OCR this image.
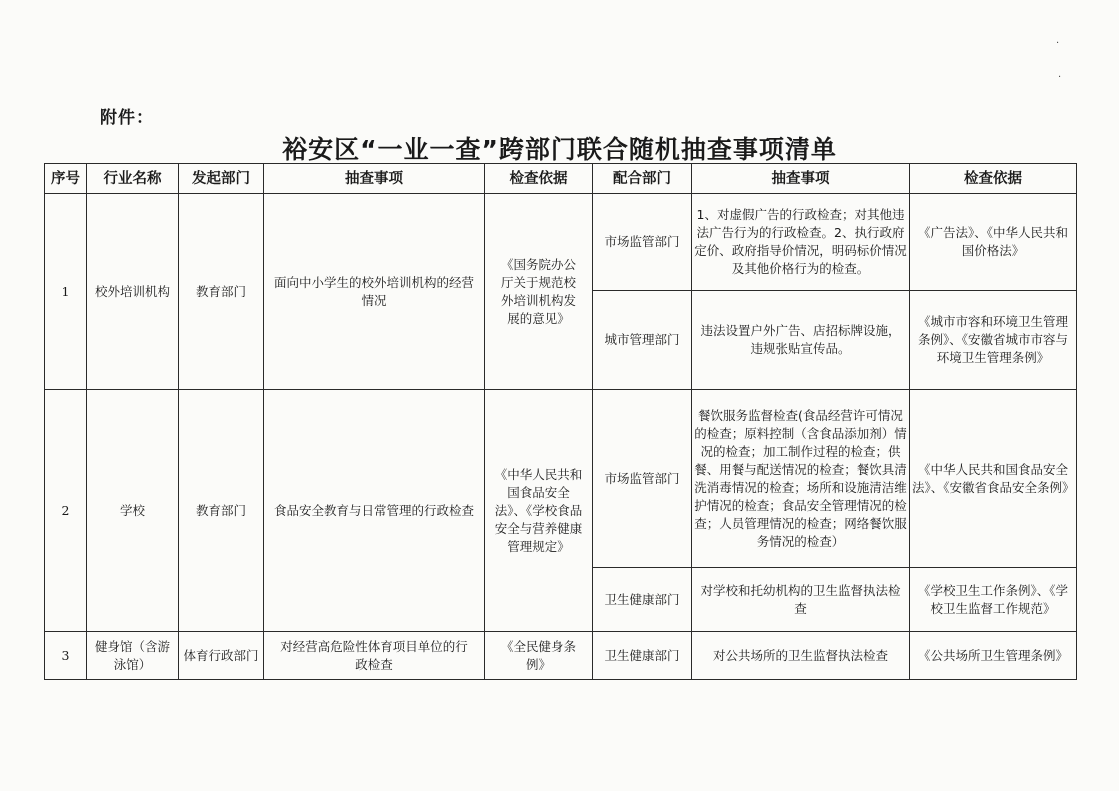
附件：
裕安区“一业一查”跨部门联合随机抽查事项清单
序号	行业名称	发起部门	抽查事项	检查依据	配合部门	抽查事项	检查依据
1	校外培训机构	教育部门	面向中小学生的校外培训机构的经营情况	《国务院办公厅关于规范校外培训机构发展的意见》	市场监管部门	1、对虚假广告的行政检查；对其他违法广告行为的行政检查。2、执行政府定价、政府指导价情况，明码标价情况及其他价格行为的检查。	《广告法》、《中华人民共和国价格法》
					城市管理部门	违法设置户外广告、店招标牌设施，违规张贴宣传品。	《城市市容和环境卫生管理条例》、《安徽省城市市容与环境卫生管理条例》
2	学校	教育部门	食品安全教育与日常管理的行政检查	《中华人民共和国食品安全法》、《学校食品安全与营养健康管理规定》	市场监管部门	餐饮服务监督检查(食品经营许可情况的检查；原料控制（含食品添加剂）情况的检查；加工制作过程的检查；供餐、用餐与配送情况的检查；餐饮具清洗消毒情况的检查；场所和设施清洁维护情况的检查；食品安全管理情况的检查；人员管理情况的检查；网络餐饮服务情况的检查）	《中华人民共和国食品安全法》、《安徽省食品安全条例》
					卫生健康部门	对学校和托幼机构的卫生监督执法检查	《学校卫生工作条例》、《学校卫生监督工作规范》
3	健身馆（含游泳馆）	体育行政部门	对经营高危险性体育项目单位的行政检查	《全民健身条例》	卫生健康部门	对公共场所的卫生监督执法检查	《公共场所卫生管理条例》
·
·
